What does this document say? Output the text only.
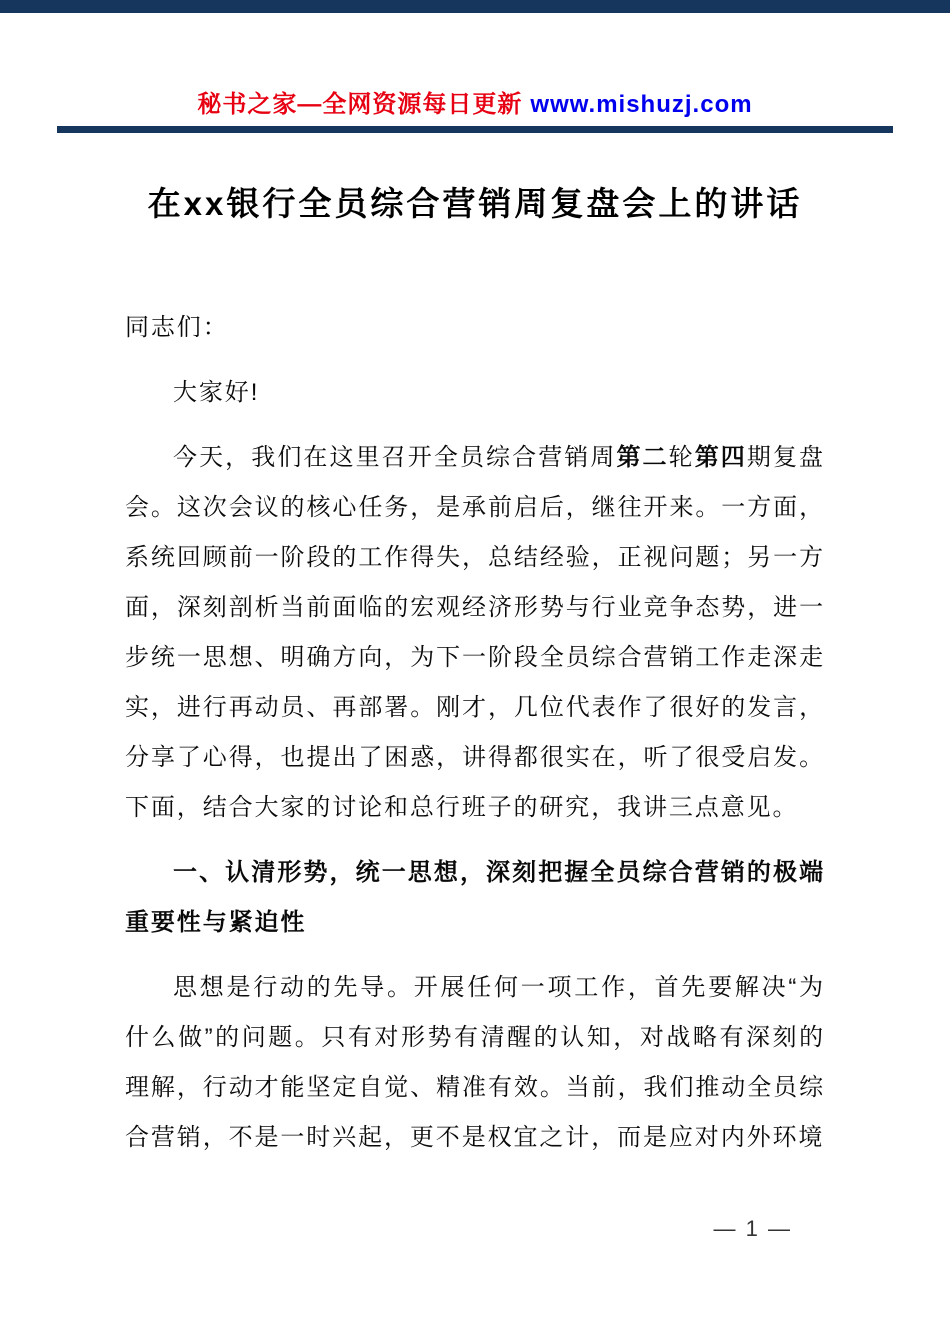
秘书之家—全网资源每日更新 www.mishuzj.com
在xx银行全员综合营销周复盘会上的讲话

同志们：

大家好!

今天，我们在这里召开全员综合营销周第二轮第四期复盘会。这次会议的核心任务，是承前启后，继往开来。一方面，系统回顾前一阶段的工作得失，总结经验，正视问题；另一方面，深刻剖析当前面临的宏观经济形势与行业竞争态势，进一步统一思想、明确方向，为下一阶段全员综合营销工作走深走实，进行再动员、再部署。刚才，几位代表作了很好的发言，分享了心得，也提出了困惑，讲得都很实在，听了很受启发。下面，结合大家的讨论和总行班子的研究，我讲三点意见。

一、认清形势，统一思想，深刻把握全员综合营销的极端重要性与紧迫性

思想是行动的先导。开展任何一项工作，首先要解决“为什么做”的问题。只有对形势有清醒的认知，对战略有深刻的理解，行动才能坚定自觉、精准有效。当前，我们推动全员综合营销，不是一时兴起，更不是权宜之计，而是应对内外环境

— 1 —
